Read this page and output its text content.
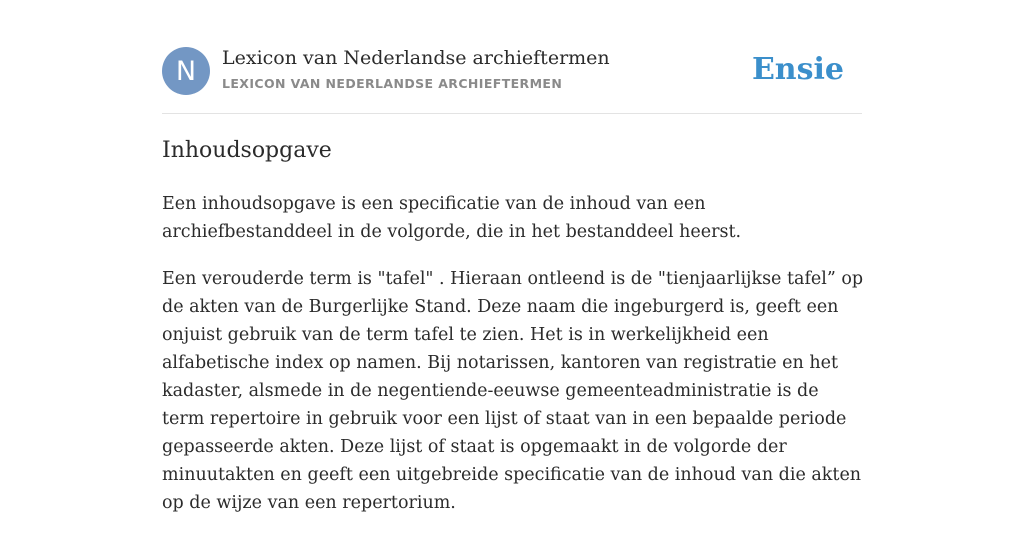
N	Lexicon van Nederlandse archieftermen
LEXICON VAN NEDERLANDSE ARCHIEFTERMEN	Ensie
Inhoudsopgave

Een inhoudsopgave is een specificatie van de inhoud van een archiefbestanddeel in de volgorde, die in het bestanddeel heerst.

Een verouderde term is "tafel" . Hieraan ontleend is de "tienjaarlijkse tafel” op de akten van de Burgerlijke Stand. Deze naam die ingeburgerd is, geeft een onjuist gebruik van de term tafel te zien. Het is in werkelijkheid een alfabetische index op namen. Bij notarissen, kantoren van registratie en het kadaster, alsmede in de negentiende-eeuwse gemeenteadministratie is de term repertoire in gebruik voor een lijst of staat van in een bepaalde periode gepasseerde akten. Deze lijst of staat is opgemaakt in de volgorde der minuutakten en geeft een uitgebreide specificatie van de inhoud van die akten op de wijze van een repertorium.
